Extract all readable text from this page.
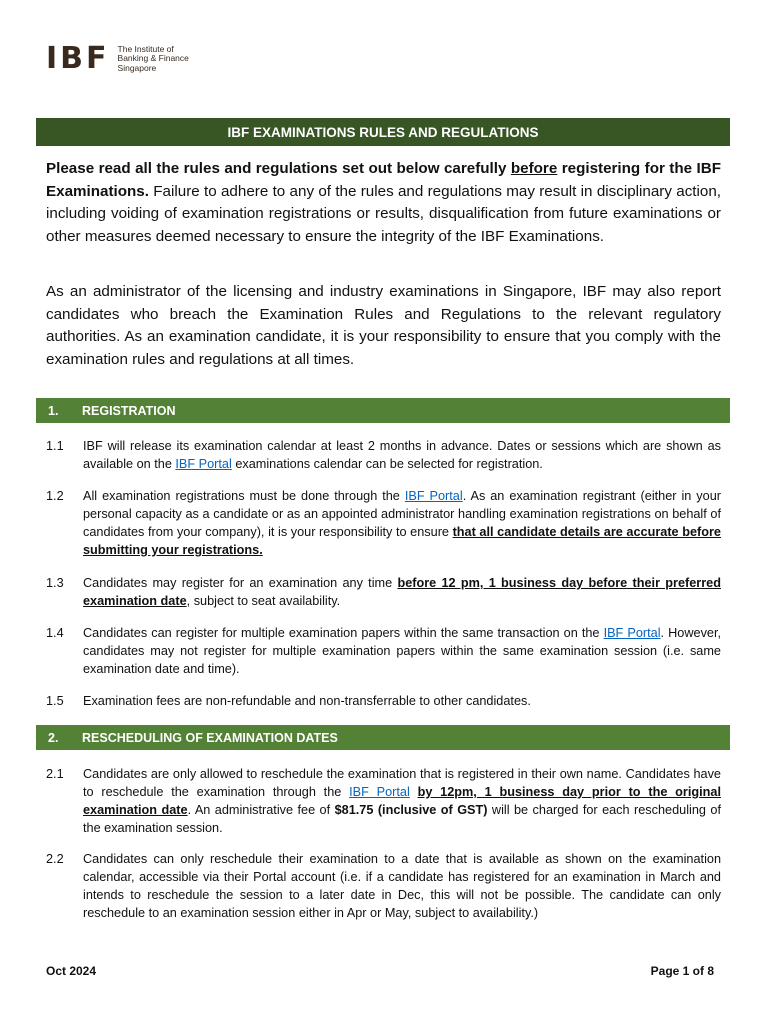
IBF The Institute of
Banking & Finance
Singapore
IBF EXAMINATIONS RULES AND REGULATIONS

Please read all the rules and regulations set out below carefully before registering for the IBF Examinations. Failure to adhere to any of the rules and regulations may result in disciplinary action, including voiding of examination registrations or results, disqualification from future examinations or other measures deemed necessary to ensure the integrity of the IBF Examinations.

As an administrator of the licensing and industry examinations in Singapore, IBF may also report candidates who breach the Examination Rules and Regulations to the relevant regulatory authorities. As an examination candidate, it is your responsibility to ensure that you comply with the examination rules and regulations at all times.

1.	REGISTRATION
1.1	IBF will release its examination calendar at least 2 months in advance. Dates or sessions which are shown as available on the IBF Portal examinations calendar can be selected for registration.
1.2	All examination registrations must be done through the IBF Portal. As an examination registrant (either in your personal capacity as a candidate or as an appointed administrator handling examination registrations on behalf of candidates from your company), it is your responsibility to ensure that all candidate details are accurate before submitting your registrations.
1.3	Candidates may register for an examination any time before 12 pm, 1 business day before their preferred examination date, subject to seat availability.
1.4	Candidates can register for multiple examination papers within the same transaction on the IBF Portal. However, candidates may not register for multiple examination papers within the same examination session (i.e. same examination date and time).
1.5	Examination fees are non-refundable and non-transferrable to other candidates.
2.	RESCHEDULING OF EXAMINATION DATES
2.1	Candidates are only allowed to reschedule the examination that is registered in their own name. Candidates have to reschedule the examination through the IBF Portal by 12pm, 1 business day prior to the original examination date. An administrative fee of $81.75 (inclusive of GST) will be charged for each rescheduling of the examination session.
2.2	Candidates can only reschedule their examination to a date that is available as shown on the examination calendar, accessible via their Portal account (i.e. if a candidate has registered for an examination in March and intends to reschedule the session to a later date in Dec, this will not be possible. The candidate can only reschedule to an examination session either in Apr or May, subject to availability.)
Oct 2024	Page 1 of 8
